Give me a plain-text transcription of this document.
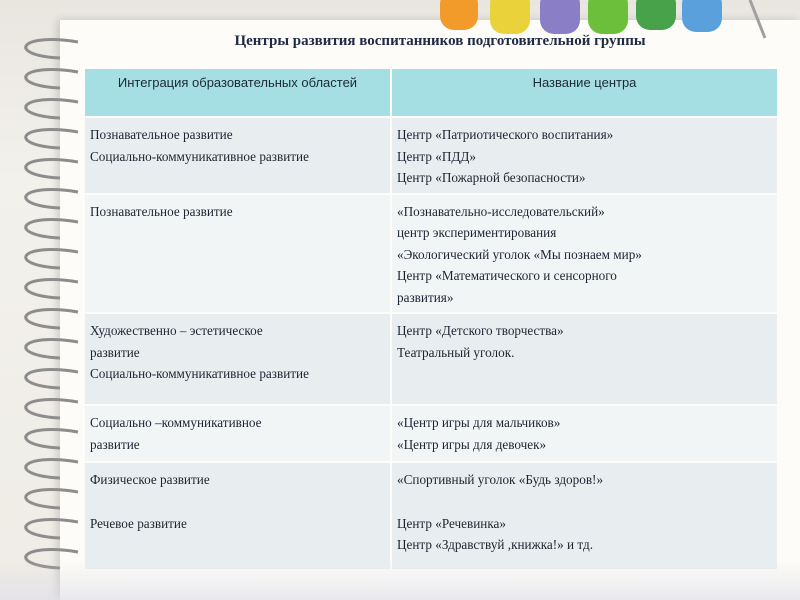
Центры развития воспитанников подготовительной группы
Интеграция образовательных областей	Название центра

Познавательное развитие
Социально-коммуникативное развитие	Центр «Патриотического воспитания»
Центр «ПДД»
Центр «Пожарной безопасности»

Познавательное развитие	«Познавательно-исследовательский»
центр экспериментирования
«Экологический уголок «Мы познаем мир»
Центр «Математического и сенсорного
развития»

Художественно – эстетическое
развитие
Социально-коммуникативное развитие	Центр «Детского творчества»
Театральный уголок.

Социально –коммуникативное
развитие	«Центр игры для мальчиков»
«Центр игры для девочек»

Физическое развитие
Речевое развитие	«Спортивный уголок «Будь здоров!»
Центр «Речевинка»
Центр «Здравствуй ,книжка!» и тд.
